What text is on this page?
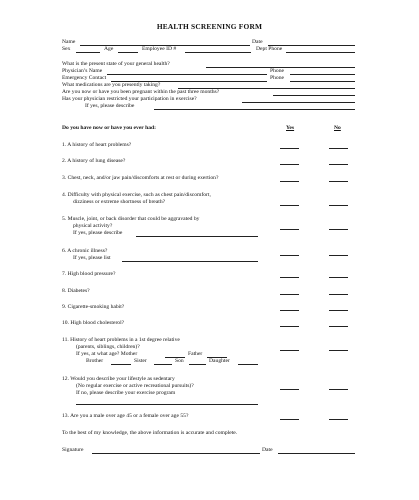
HEALTH SCREENING FORM
Name	Date
Sex	Age	Employee ID #	Dept Phone
What is the present state of your general health?
Physician’s Name	Phone
Emergency Contact	Phone
What medications are you presently taking?
Are you now or have you been pregnant within the past three months?
Has your physician restricted your participation in exercise?
If yes, please describe
Do you have now or have you ever had:	Yes	No
1. A history of heart problems?
2. A history of lung disease?
3. Chest, neck, and/or jaw pain/discomforts at rest or during exertion?
4. Difficulty with physical exercise, such as chest pain/discomfort,
dizziness or extreme shortness of breath?
5. Muscle, joint, or back disorder that could be aggravated by
physical activity?
If yes, please describe
6. A chronic illness?
If yes, please list
7. High blood pressure?
8. Diabetes?
9. Cigarette-smoking habit?
10. High blood cholesterol?
11. History of heart problems in a 1st degree relative
(parents, siblings, children)?
If yes, at what age? Mother	Father
Brother	Sister	Son	Daughter
12. Would you describe your lifestyle as sedentary
(No regular exercise or active recreational pursuits)?
If no, please describe your exercise program
13. Are you a male over age 45 or a female over age 55?
To the best of my knowledge, the above information is accurate and complete.
Signature	Date
